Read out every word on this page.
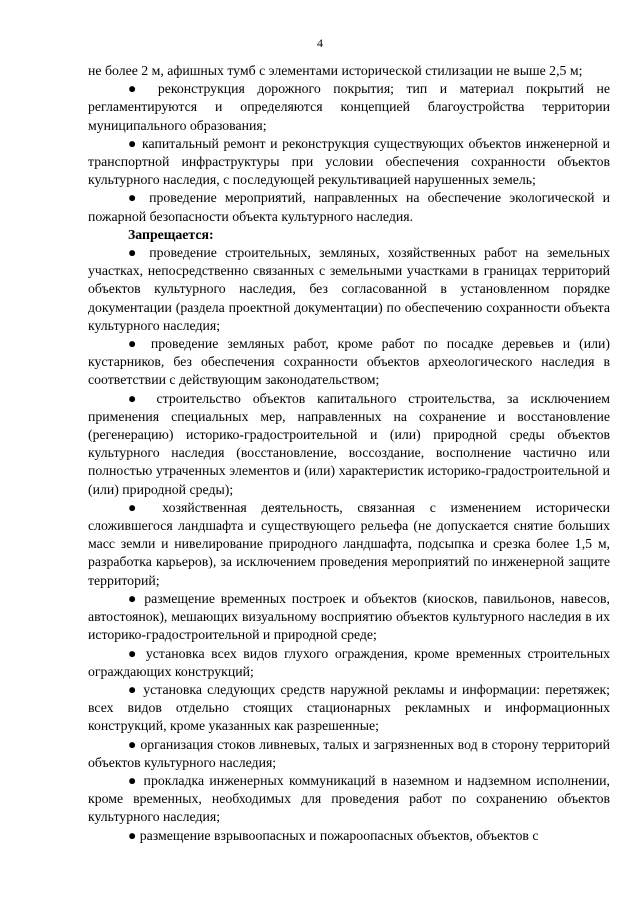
4

не более 2 м, афишных тумб с элементами исторической стилизации не выше 2,5 м;

● реконструкция дорожного покрытия; тип и материал покрытий не регламентируются и определяются концепцией благоустройства территории муниципального образования;

● капитальный ремонт и реконструкция существующих объектов инженерной и транспортной инфраструктуры при условии обеспечения сохранности объектов культурного наследия, с последующей рекультивацией нарушенных земель;

● проведение мероприятий, направленных на обеспечение экологической и пожарной безопасности объекта культурного наследия.

Запрещается:

● проведение строительных, земляных, хозяйственных работ на земельных участках, непосредственно связанных с земельными участками в границах территорий объектов культурного наследия, без согласованной в установленном порядке документации (раздела проектной документации) по обеспечению сохранности объекта культурного наследия;

● проведение земляных работ, кроме работ по посадке деревьев и (или) кустарников, без обеспечения сохранности объектов археологического наследия в соответствии с действующим законодательством;

● строительство объектов капитального строительства, за исключением применения специальных мер, направленных на сохранение и восстановление (регенерацию) историко-градостроительной и (или) природной среды объектов культурного наследия (восстановление, воссоздание, восполнение частично или полностью утраченных элементов и (или) характеристик историко-градостроительной и (или) природной среды);

● хозяйственная деятельность, связанная с изменением исторически сложившегося ландшафта и существующего рельефа (не допускается снятие больших масс земли и нивелирование природного ландшафта, подсыпка и срезка более 1,5 м, разработка карьеров), за исключением проведения мероприятий по инженерной защите территорий;

● размещение временных построек и объектов (киосков, павильонов, навесов, автостоянок), мешающих визуальному восприятию объектов культурного наследия в их историко-градостроительной и природной среде;

● установка всех видов глухого ограждения, кроме временных строительных ограждающих конструкций;

● установка следующих средств наружной рекламы и информации: перетяжек; всех видов отдельно стоящих стационарных рекламных и информационных конструкций, кроме указанных как разрешенные;

● организация стоков ливневых, талых и загрязненных вод в сторону территорий объектов культурного наследия;

● прокладка инженерных коммуникаций в наземном и надземном исполнении, кроме временных, необходимых для проведения работ по сохранению объектов культурного наследия;

● размещение взрывоопасных и пожароопасных объектов, объектов с
